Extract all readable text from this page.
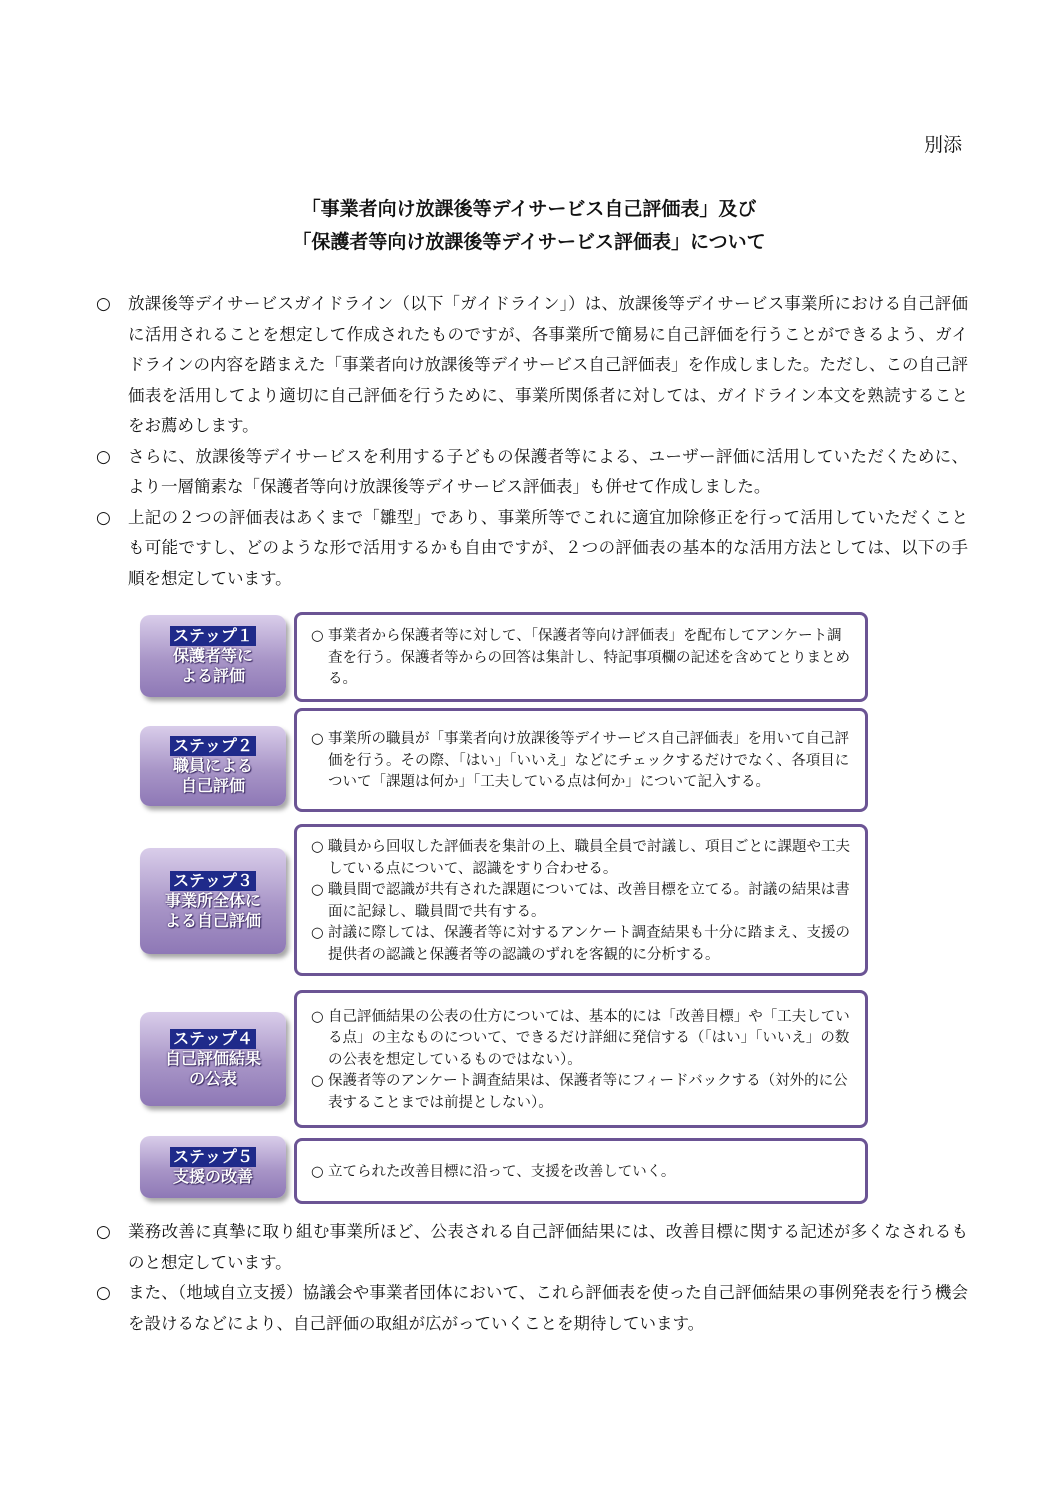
別添
「事業者向け放課後等デイサービス自己評価表」及び
「保護者等向け放課後等デイサービス評価表」について
○ 放課後等デイサービスガイドライン（以下「ガイドライン」）は、放課後等デイサービス事業所における自己評価に活用されることを想定して作成されたものですが、各事業所で簡易に自己評価を行うことができるよう、ガイドラインの内容を踏まえた「事業者向け放課後等デイサービス自己評価表」を作成しました。ただし、この自己評価表を活用してより適切に自己評価を行うために、事業所関係者に対しては、ガイドライン本文を熟読することをお薦めします。

○ さらに、放課後等デイサービスを利用する子どもの保護者等による、ユーザー評価に活用していただくために、より一層簡素な「保護者等向け放課後等デイサービス評価表」も併せて作成しました。

○ 上記の２つの評価表はあくまで「雛型」であり、事業所等でこれに適宜加除修正を行って活用していただくことも可能ですし、どのような形で活用するかも自由ですが、２つの評価表の基本的な活用方法としては、以下の手順を想定しています。

ステップ１
保護者等に
よる評価
○ 事業者から保護者等に対して、「保護者等向け評価表」を配布してアンケート調査を行う。保護者等からの回答は集計し、特記事項欄の記述を含めてとりまとめる。
ステップ２
職員による
自己評価
○ 事業所の職員が「事業者向け放課後等デイサービス自己評価表」を用いて自己評価を行う。その際、「はい」「いいえ」などにチェックするだけでなく、各項目について「課題は何か」「工夫している点は何か」について記入する。
ステップ３
事業所全体に
よる自己評価
○ 職員から回収した評価表を集計の上、職員全員で討議し、項目ごとに課題や工夫している点について、認識をすり合わせる。
○ 職員間で認識が共有された課題については、改善目標を立てる。討議の結果は書面に記録し、職員間で共有する。
○ 討議に際しては、保護者等に対するアンケート調査結果も十分に踏まえ、支援の提供者の認識と保護者等の認識のずれを客観的に分析する。
ステップ４
自己評価結果
の公表
○ 自己評価結果の公表の仕方については、基本的には「改善目標」や「工夫している点」の主なものについて、できるだけ詳細に発信する（「はい」「いいえ」の数の公表を想定しているものではない）。
○ 保護者等のアンケート調査結果は、保護者等にフィードバックする（対外的に公表することまでは前提としない）。
ステップ５
支援の改善	○ 立てられた改善目標に沿って、支援を改善していく。
○ 業務改善に真摯に取り組む事業所ほど、公表される自己評価結果には、改善目標に関する記述が多くなされるものと想定しています。

○ また、（地域自立支援）協議会や事業者団体において、これら評価表を使った自己評価結果の事例発表を行う機会を設けるなどにより、自己評価の取組が広がっていくことを期待しています。
